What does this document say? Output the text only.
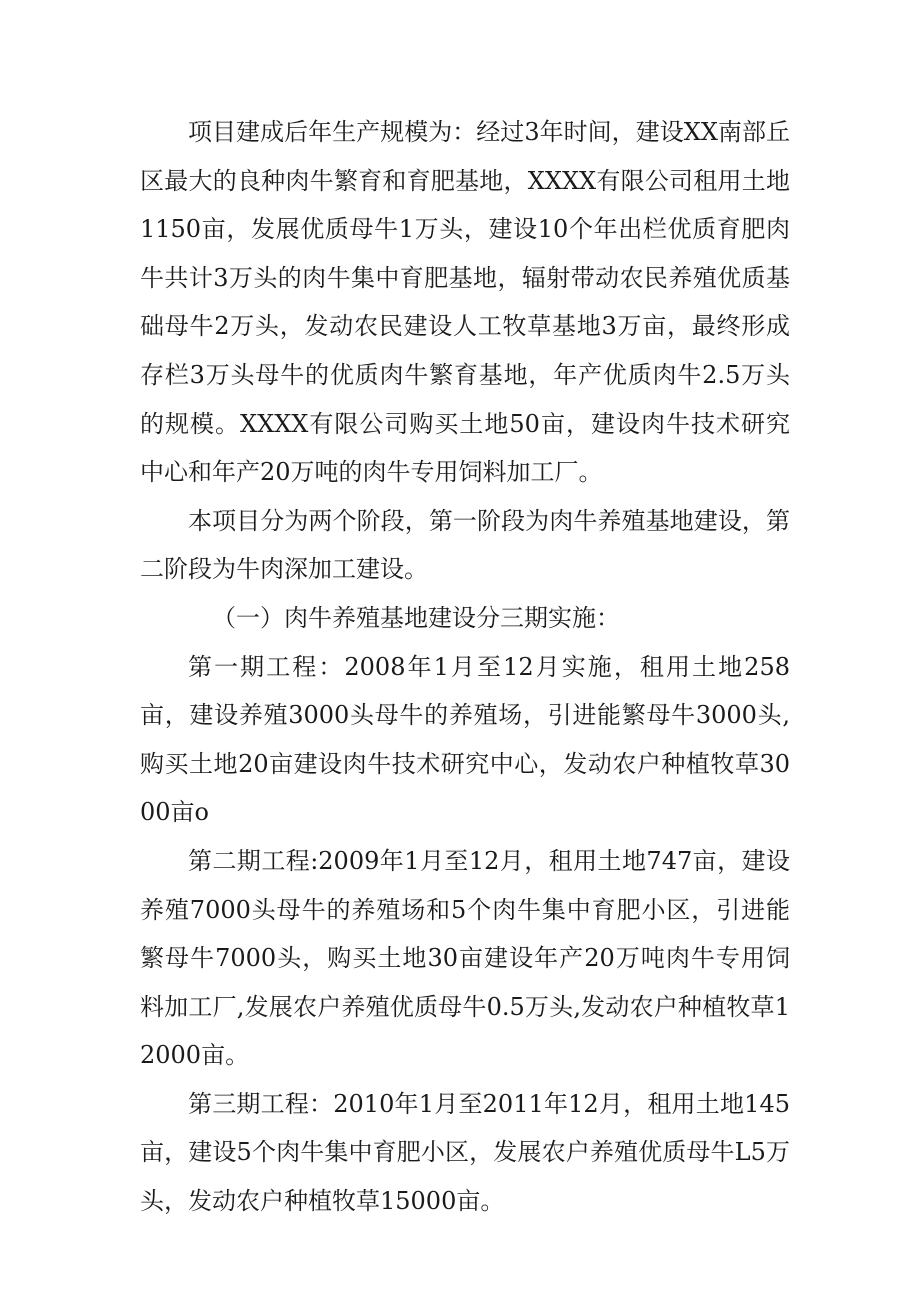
项目建成后年生产规模为：经过3年时间，建设XX南部丘区最大的良种肉牛繁育和育肥基地，XXXX有限公司租用土地1150亩，发展优质母牛1万头，建设10个年出栏优质育肥肉牛共计3万头的肉牛集中育肥基地，辐射带动农民养殖优质基础母牛2万头，发动农民建设人工牧草基地3万亩，最终形成存栏3万头母牛的优质肉牛繁育基地，年产优质肉牛2.5万头的规模。XXXX有限公司购买土地50亩，建设肉牛技术研究中心和年产20万吨的肉牛专用饲料加工厂。

本项目分为两个阶段，第一阶段为肉牛养殖基地建设，第二阶段为牛肉深加工建设。

（一）肉牛养殖基地建设分三期实施：

第一期工程：2008年1月至12月实施，租用土地258亩，建设养殖3000头母牛的养殖场，引进能繁母牛3000头,购买土地20亩建设肉牛技术研究中心，发动农户种植牧草3000亩o

第二期工程:2009年1月至12月，租用土地747亩，建设养殖7000头母牛的养殖场和5个肉牛集中育肥小区，引进能繁母牛7000头，购买土地30亩建设年产20万吨肉牛专用饲料加工厂,发展农户养殖优质母牛0.5万头,发动农户种植牧草12000亩。

第三期工程：2010年1月至2011年12月，租用土地145亩，建设5个肉牛集中育肥小区，发展农户养殖优质母牛L5万头，发动农户种植牧草15000亩。
